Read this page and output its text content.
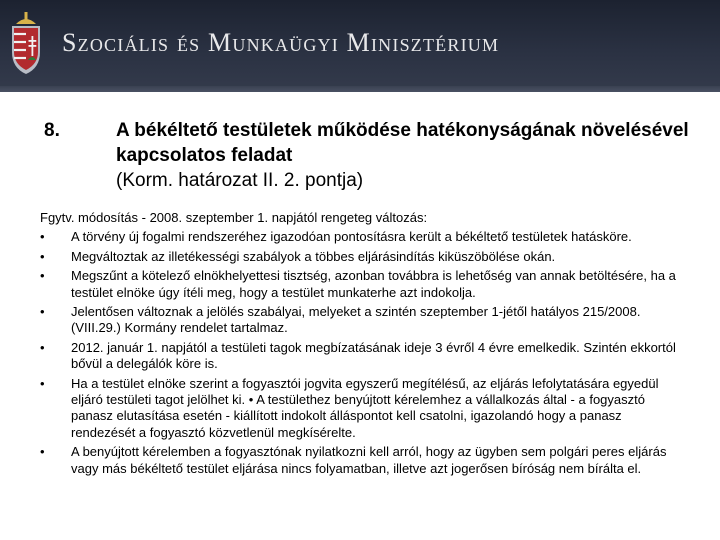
Szociális és Munkaügyi Minisztérium
8.	A békéltető testületek működése hatékonyságának növelésével kapcsolatos feladat
(Korm. határozat II. 2. pontja)
Fgytv. módosítás - 2008. szeptember 1. napjától rengeteg változás:
• A törvény új fogalmi rendszeréhez igazodóan pontosításra került a békéltető testületek hatásköre.
• Megváltoztak az illetékességi szabályok a többes eljárásindítás kiküszöbölése okán.
• Megszűnt a kötelező elnökhelyettesi tisztség, azonban továbbra is lehetőség van annak betöltésére, ha a testület elnöke úgy ítéli meg, hogy a testület munkaterhe azt indokolja.
• Jelentősen változnak a jelölés szabályai, melyeket a szintén szeptember 1-jétől hatályos 215/2008. (VIII.29.) Kormány rendelet tartalmaz.
• 2012. január 1. napjától a testületi tagok megbízatásának ideje 3 évről 4 évre emelkedik. Szintén ekkortól bővül a delegálók köre is.
• Ha a testület elnöke szerint a fogyasztói jogvita egyszerű megítélésű, az eljárás lefolytatására egyedül eljáró testületi tagot jelölhet ki. • A testülethez benyújtott kérelemhez a vállalkozás által - a fogyasztó panasz elutasítása esetén - kiállított indokolt álláspontot kell csatolni, igazolandó hogy a panasz rendezését a fogyasztó közvetlenül megkísérelte.
• A benyújtott kérelemben a fogyasztónak nyilatkozni kell arról, hogy az ügyben sem polgári peres eljárás vagy más békéltető testület eljárása nincs folyamatban, illetve azt jogerősen bíróság nem bírálta el.
